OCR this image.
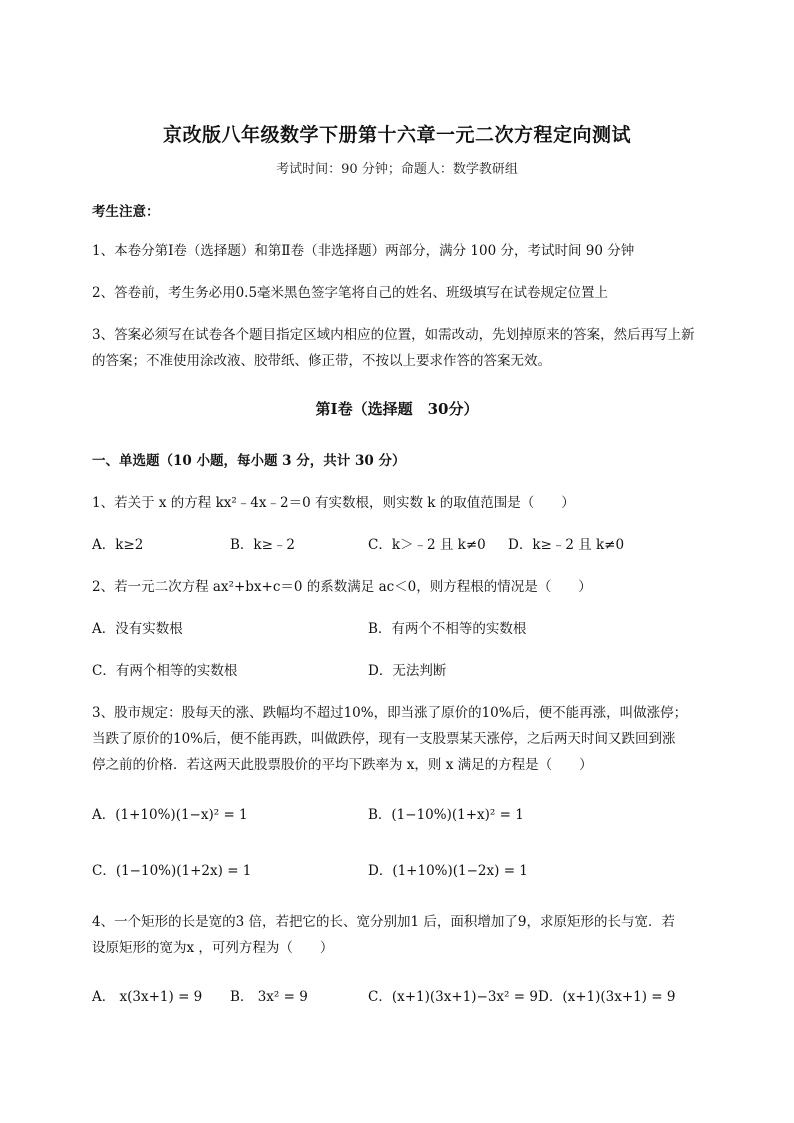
京改版八年级数学下册第十六章一元二次方程定向测试
考试时间：90 分钟；命题人：数学教研组
考生注意：
1、本卷分第Ⅰ卷（选择题）和第Ⅱ卷（非选择题）两部分，满分 100 分，考试时间 90 分钟
2、答卷前，考生务必用0.5毫米黑色签字笔将自己的姓名、班级填写在试卷规定位置上
3、答案必须写在试卷各个题目指定区域内相应的位置，如需改动，先划掉原来的答案，然后再写上新
的答案；不准使用涂改液、胶带纸、修正带，不按以上要求作答的答案无效。
第Ⅰ卷（选择题　30分）
一、单选题（10 小题，每小题 3 分，共计 30 分）
1、若关于 x 的方程 kx²﹣4x﹣2＝0 有实数根，则实数 k 的取值范围是（　　）
A．k≥2	B．k≥﹣2	C．k＞﹣2 且 k≠0 D．k≥﹣2 且 k≠0
2、若一元二次方程 ax²+bx+c＝0 的系数满足 ac＜0，则方程根的情况是（　　）
A．没有实数根	B．有两个不相等的实数根
C．有两个相等的实数根	D．无法判断
3、股市规定：股每天的涨、跌幅均不超过10%，即当涨了原价的10%后，便不能再涨，叫做涨停；
当跌了原价的10%后，便不能再跌，叫做跌停，现有一支股票某天涨停，之后两天时间又跌回到涨
停之前的价格．若这两天此股票股价的平均下跌率为 x，则 x 满足的方程是（　　）
A．(1+10%)(1−x)² = 1	B．(1−10%)(1+x)² = 1
C．(1−10%)(1+2x) = 1	D．(1+10%)(1−2x) = 1
4、一个矩形的长是宽的3 倍，若把它的长、宽分别加1 后，面积增加了9，求原矩形的长与宽．若
设原矩形的宽为x ，可列方程为（　　）
A． x(3x+1) = 9 B． 3x² = 9	C．(x+1)(3x+1)−3x² = 9 D．(x+1)(3x+1) = 9
